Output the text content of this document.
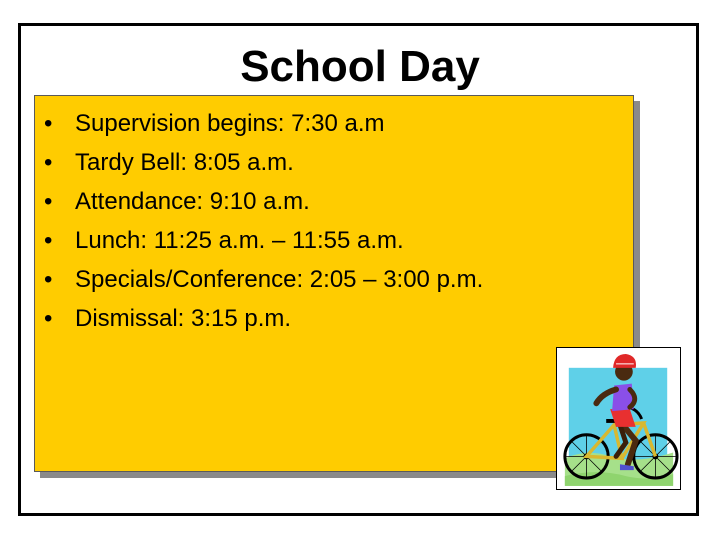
School Day
• Supervision begins: 7:30 a.m
• Tardy Bell: 8:05 a.m.
• Attendance: 9:10 a.m.
• Lunch: 11:25 a.m. – 11:55 a.m.
• Specials/Conference: 2:05 – 3:00 p.m.
• Dismissal: 3:15 p.m.
